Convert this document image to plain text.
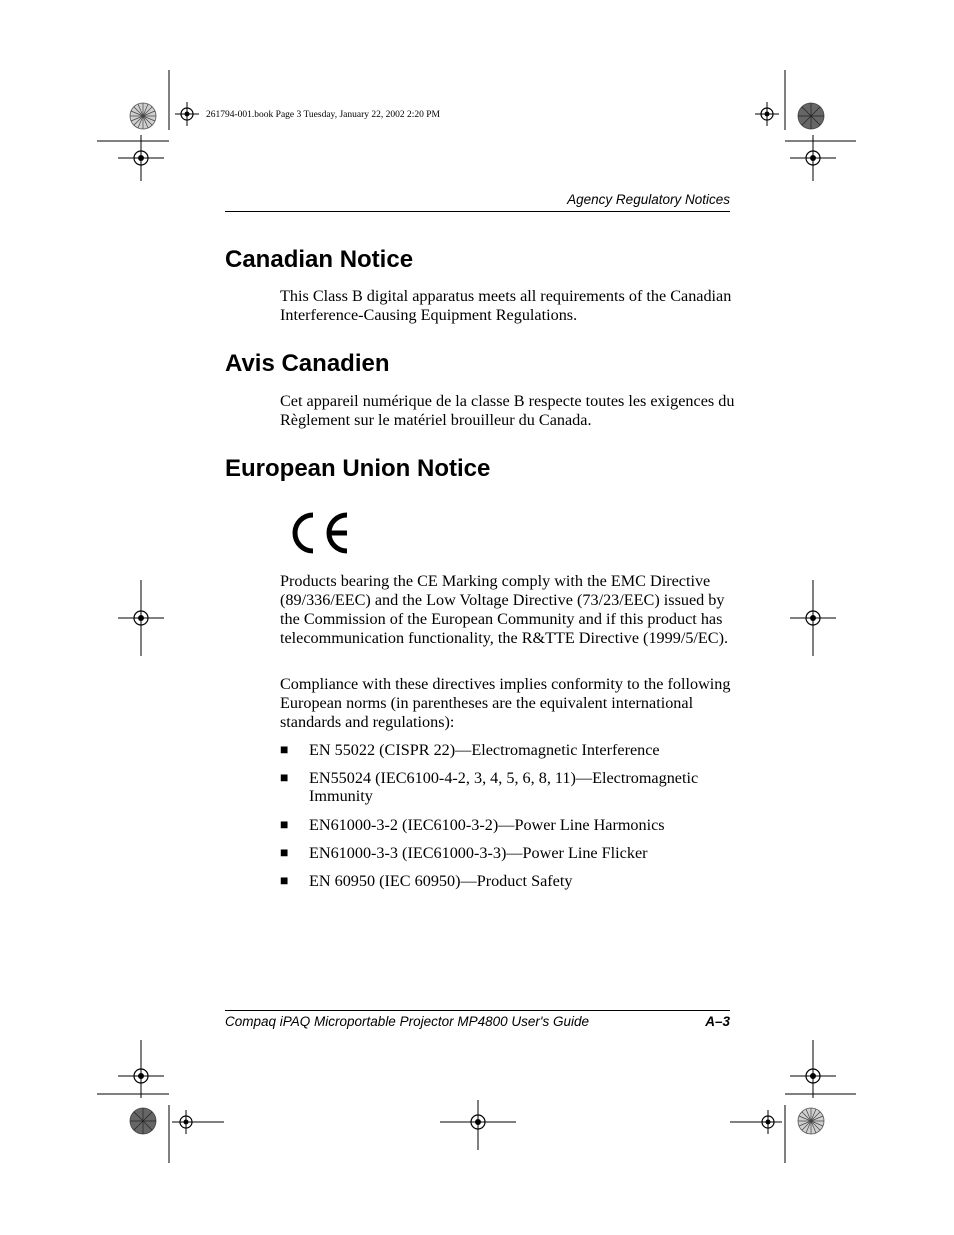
261794-001.book Page 3 Tuesday, January 22, 2002 2:20 PM
Agency Regulatory Notices
Canadian Notice

This Class B digital apparatus meets all requirements of the Canadian Interference-Causing Equipment Regulations.

Avis Canadien

Cet appareil numérique de la classe B respecte toutes les exigences du Règlement sur le matériel brouilleur du Canada.

European Union Notice

Products bearing the CE Marking comply with the EMC Directive (89/336/EEC) and the Low Voltage Directive (73/23/EEC) issued by the Commission of the European Community and if this product has telecommunication functionality, the R&TTE Directive (1999/5/EC).

Compliance with these directives implies conformity to the following European norms (in parentheses are the equivalent international standards and regulations):

■ EN 55022 (CISPR 22)—Electromagnetic Interference
■ EN55024 (IEC6100-4-2, 3, 4, 5, 6, 8, 11)—Electromagnetic Immunity
■ EN61000-3-2 (IEC6100-3-2)—Power Line Harmonics
■ EN61000-3-3 (IEC61000-3-3)—Power Line Flicker
■ EN 60950 (IEC 60950)—Product Safety
Compaq iPAQ Microportable Projector MP4800 User's Guide	A–3
